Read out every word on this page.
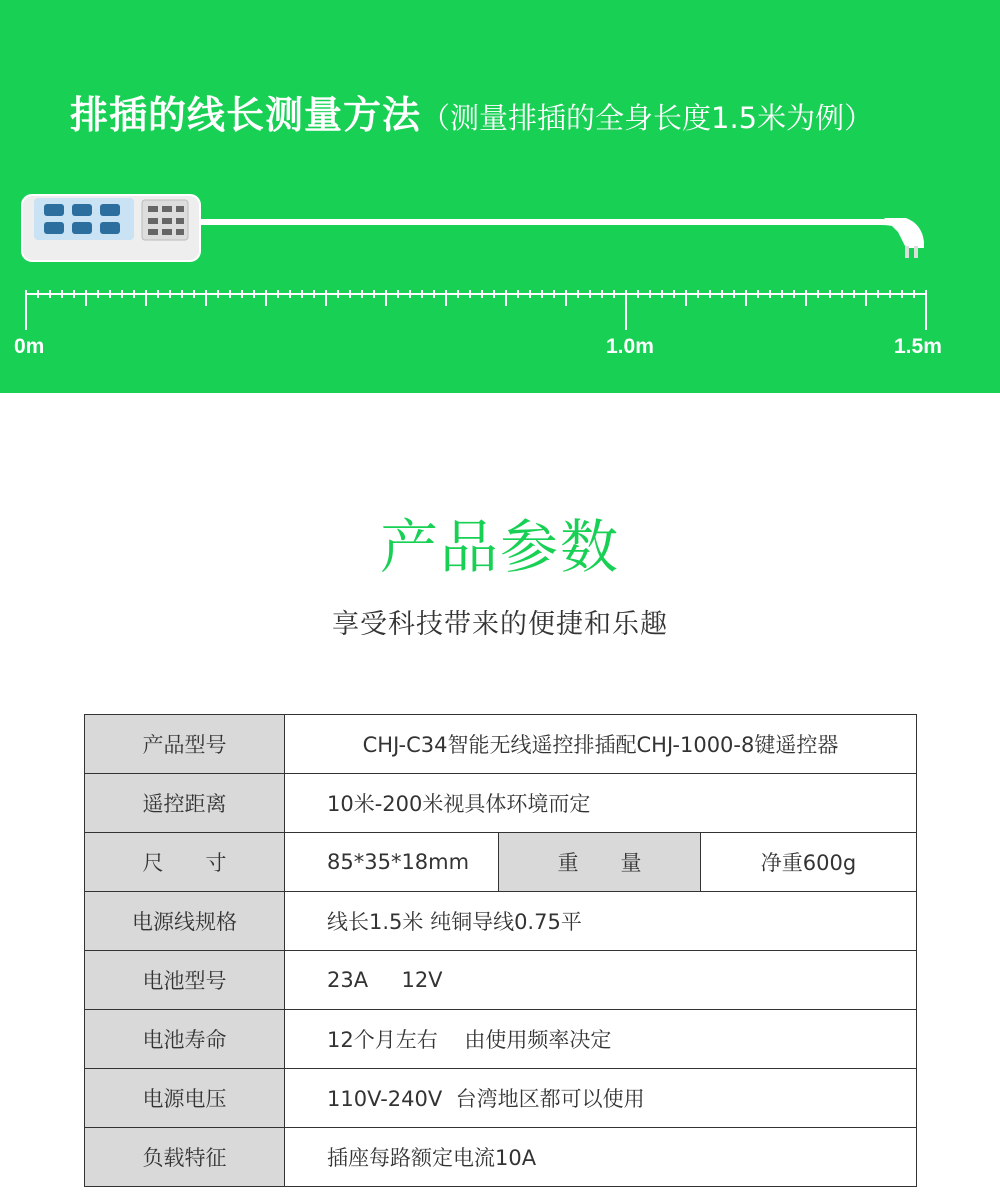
排插的线长测量方法（测量排插的全身长度1.5米为例）
0m	1.0m	1.5m
产品参数
享受科技带来的便捷和乐趣
产品型号	CHJ-C34智能无线遥控排插配CHJ-1000-8键遥控器		
遥控距离	10米-200米视具体环境而定		
尺　　寸	85*35*18mm	重　　量	净重600g
电源线规格	线长1.5米 纯铜导线0.75平		
电池型号	23A     12V		
电池寿命	12个月左右    由使用频率决定		
电源电压	110V-240V  台湾地区都可以使用		
负载特征	插座每路额定电流10A		
